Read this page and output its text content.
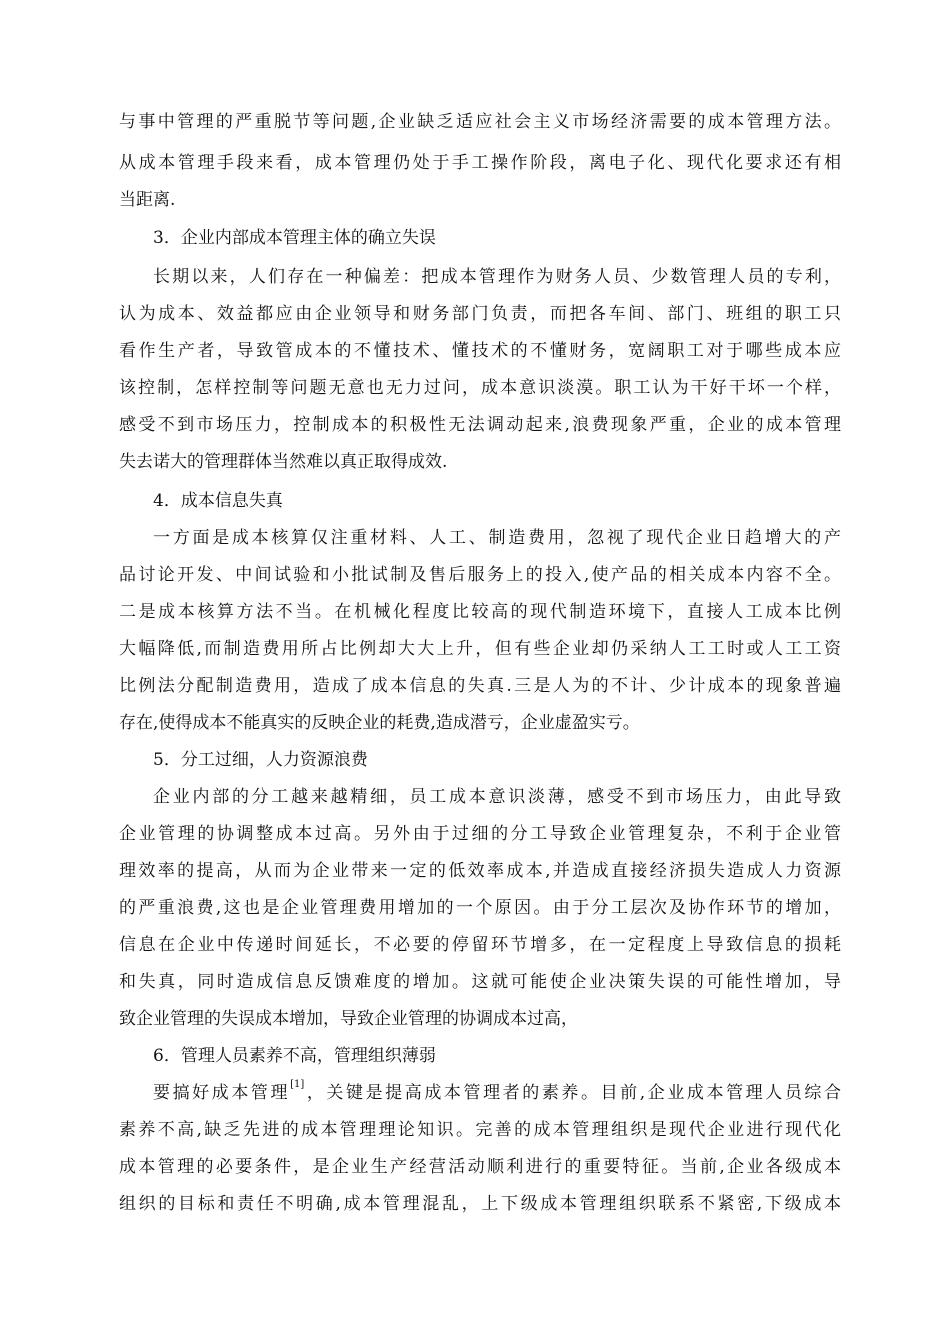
与事中管理的严重脱节等问题,企业缺乏适应社会主义市场经济需要的成本管理方法。
从成本管理手段来看，成本管理仍处于手工操作阶段，离电子化、现代化要求还有相
当距离.
3．企业内部成本管理主体的确立失误
长期以来，人们存在一种偏差：把成本管理作为财务人员、少数管理人员的专利，
认为成本、效益都应由企业领导和财务部门负责，而把各车间、部门、班组的职工只
看作生产者，导致管成本的不懂技术、懂技术的不懂财务，宽阔职工对于哪些成本应
该控制，怎样控制等问题无意也无力过问，成本意识淡漠。职工认为干好干坏一个样，
感受不到市场压力，控制成本的积极性无法调动起来,浪费现象严重，企业的成本管理
失去诺大的管理群体当然难以真正取得成效.
4．成本信息失真
一方面是成本核算仅注重材料、人工、制造费用，忽视了现代企业日趋增大的产
品讨论开发、中间试验和小批试制及售后服务上的投入,使产品的相关成本内容不全。
二是成本核算方法不当。在机械化程度比较高的现代制造环境下，直接人工成本比例
大幅降低,而制造费用所占比例却大大上升，但有些企业却仍采纳人工工时或人工工资
比例法分配制造费用，造成了成本信息的失真.三是人为的不计、少计成本的现象普遍
存在,使得成本不能真实的反映企业的耗费,造成潜亏，企业虚盈实亏。
5．分工过细，人力资源浪费
企业内部的分工越来越精细，员工成本意识淡薄，感受不到市场压力，由此导致
企业管理的协调整成本过高。另外由于过细的分工导致企业管理复杂，不利于企业管
理效率的提高，从而为企业带来一定的低效率成本,并造成直接经济损失造成人力资源
的严重浪费,这也是企业管理费用增加的一个原因。由于分工层次及协作环节的增加，
信息在企业中传递时间延长，不必要的停留环节增多，在一定程度上导致信息的损耗
和失真，同时造成信息反馈难度的增加。这就可能使企业决策失误的可能性增加，导
致企业管理的失误成本增加，导致企业管理的协调成本过高，
6．管理人员素养不高，管理组织薄弱
要搞好成本管理[1]，关键是提高成本管理者的素养。目前,企业成本管理人员综合
素养不高,缺乏先进的成本管理理论知识。完善的成本管理组织是现代企业进行现代化
成本管理的必要条件，是企业生产经营活动顺利进行的重要特征。当前,企业各级成本
组织的目标和责任不明确,成本管理混乱，上下级成本管理组织联系不紧密,下级成本
